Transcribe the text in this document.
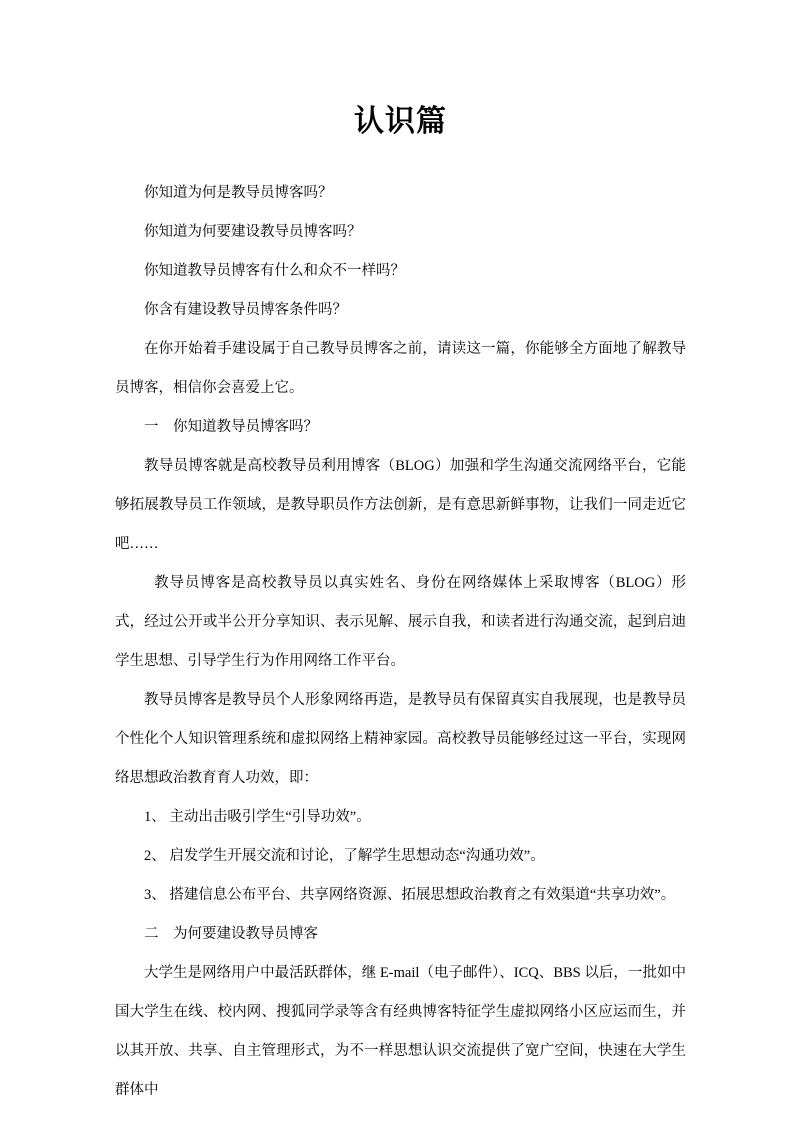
认识篇

你知道为何是教导员博客吗？

你知道为何要建设教导员博客吗？

你知道教导员博客有什么和众不一样吗？

你含有建设教导员博客条件吗？

在你开始着手建设属于自己教导员博客之前，请读这一篇，你能够全方面地了解教导员博客，相信你会喜爱上它。

一　你知道教导员博客吗？

教导员博客就是高校教导员利用博客（BLOG）加强和学生沟通交流网络平台，它能够拓展教导员工作领域，是教导职员作方法创新，是有意思新鲜事物，让我们一同走近它吧……

教导员博客是高校教导员以真实姓名、身份在网络媒体上采取博客（BLOG）形式，经过公开或半公开分享知识、表示见解、展示自我，和读者进行沟通交流，起到启迪学生思想、引导学生行为作用网络工作平台。

教导员博客是教导员个人形象网络再造，是教导员有保留真实自我展现，也是教导员个性化个人知识管理系统和虚拟网络上精神家园。高校教导员能够经过这一平台，实现网络思想政治教育育人功效，即：

1、 主动出击吸引学生“引导功效”。

2、 启发学生开展交流和讨论，了解学生思想动态“沟通功效”。

3、 搭建信息公布平台、共享网络资源、拓展思想政治教育之有效渠道“共享功效”。

二　为何要建设教导员博客

大学生是网络用户中最活跃群体，继 E-mail（电子邮件）、ICQ、BBS 以后，一批如中国大学生在线、校内网、搜狐同学录等含有经典博客特征学生虚拟网络小区应运而生，并以其开放、共享、自主管理形式，为不一样思想认识交流提供了宽广空间，快速在大学生群体中
